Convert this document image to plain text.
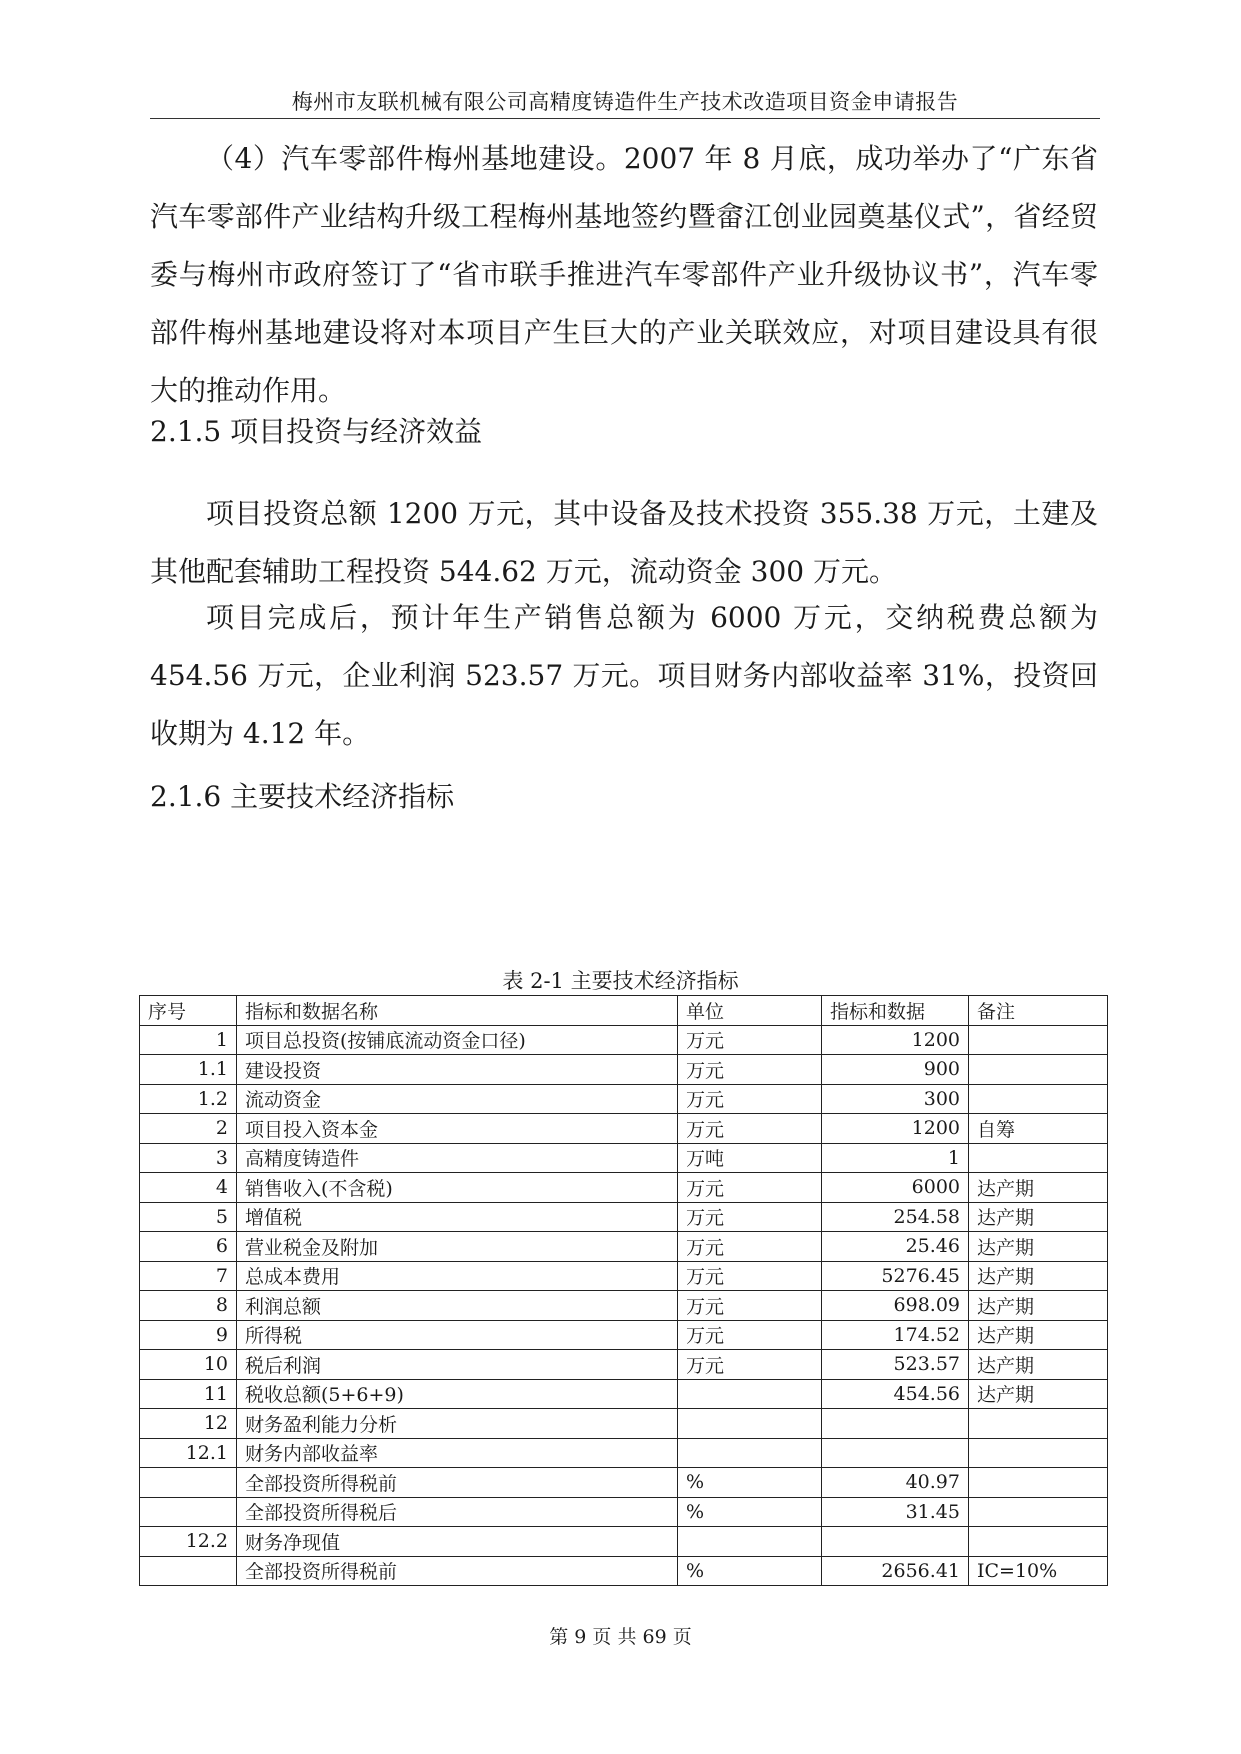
梅州市友联机械有限公司高精度铸造件生产技术改造项目资金申请报告
（4）汽车零部件梅州基地建设。2007 年 8 月底，成功举办了“广东省汽车零部件产业结构升级工程梅州基地签约暨畲江创业园奠基仪式”，省经贸委与梅州市政府签订了“省市联手推进汽车零部件产业升级协议书”，汽车零部件梅州基地建设将对本项目产生巨大的产业关联效应，对项目建设具有很大的推动作用。
2.1.5 项目投资与经济效益
项目投资总额 1200 万元，其中设备及技术投资 355.38 万元，土建及其他配套辅助工程投资 544.62 万元，流动资金 300 万元。
项目完成后，预计年生产销售总额为 6000 万元，交纳税费总额为 454.56 万元，企业利润 523.57 万元。项目财务内部收益率 31%，投资回收期为 4.12 年。
2.1.6 主要技术经济指标
表 2-1 主要技术经济指标
序号	指标和数据名称	单位	指标和数据	备注
1	项目总投资(按铺底流动资金口径)	万元	1200	
1.1	建设投资	万元	900	
1.2	流动资金	万元	300	
2	项目投入资本金	万元	1200	自筹
3	高精度铸造件	万吨	1	
4	销售收入(不含税)	万元	6000	达产期
5	增值税	万元	254.58	达产期
6	营业税金及附加	万元	25.46	达产期
7	总成本费用	万元	5276.45	达产期
8	利润总额	万元	698.09	达产期
9	所得税	万元	174.52	达产期
10	税后利润	万元	523.57	达产期
11	税收总额(5+6+9)		454.56	达产期
12	财务盈利能力分析			
12.1	财务内部收益率			
	全部投资所得税前	%	40.97	
	全部投资所得税后	%	31.45	
12.2	财务净现值			
	全部投资所得税前	%	2656.41	IC=10%
第 9 页 共 69 页
